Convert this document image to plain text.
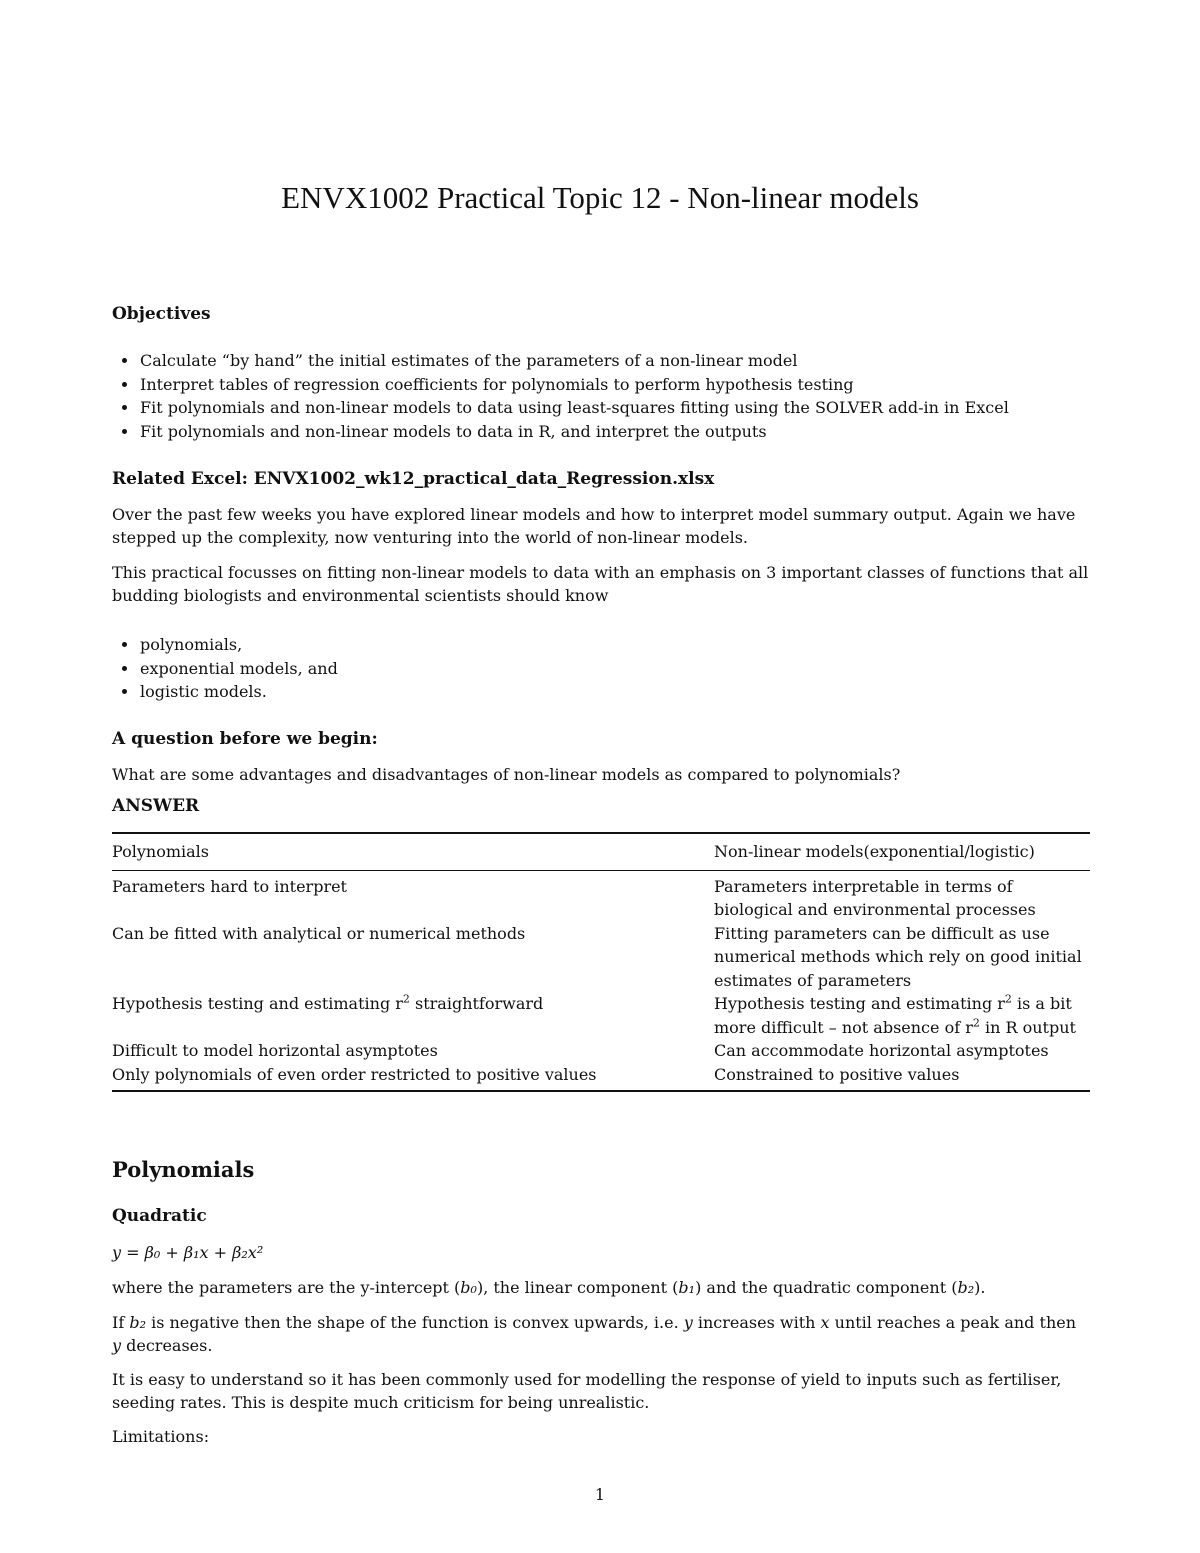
ENVX1002 Practical Topic 12 - Non-linear models
Objectives
Calculate “by hand” the initial estimates of the parameters of a non-linear model
Interpret tables of regression coefficients for polynomials to perform hypothesis testing
Fit polynomials and non-linear models to data using least-squares fitting using the SOLVER add-in in Excel
Fit polynomials and non-linear models to data in R, and interpret the outputs
Related Excel: ENVX1002_wk12_practical_data_Regression.xlsx
Over the past few weeks you have explored linear models and how to interpret model summary output. Again we have stepped up the complexity, now venturing into the world of non-linear models.
This practical focusses on fitting non-linear models to data with an emphasis on 3 important classes of functions that all budding biologists and environmental scientists should know
polynomials,
exponential models, and
logistic models.
A question before we begin:
What are some advantages and disadvantages of non-linear models as compared to polynomials?
ANSWER
Polynomials	Non-linear models(exponential/logistic)
Parameters hard to interpret	Parameters interpretable in terms of biological and environmental processes
Can be fitted with analytical or numerical methods	Fitting parameters can be difficult as use numerical methods which rely on good initial estimates of parameters
Hypothesis testing and estimating $r^2$ straightforward	Hypothesis testing and estimating $r^2$ is a bit more difficult – not absence of $r^2$ in R output
Difficult to model horizontal asymptotes	Can accommodate horizontal asymptotes
Only polynomials of even order restricted to positive values	Constrained to positive values
Polynomials
Quadratic
y = β₀ + β₁x + β₂x²
where the parameters are the y-intercept (b₀), the linear component (b₁) and the quadratic component (b₂).
If b₂ is negative then the shape of the function is convex upwards, i.e. y increases with x until reaches a peak and then y decreases.
It is easy to understand so it has been commonly used for modelling the response of yield to inputs such as fertiliser, seeding rates. This is despite much criticism for being unrealistic.
Limitations:
1
